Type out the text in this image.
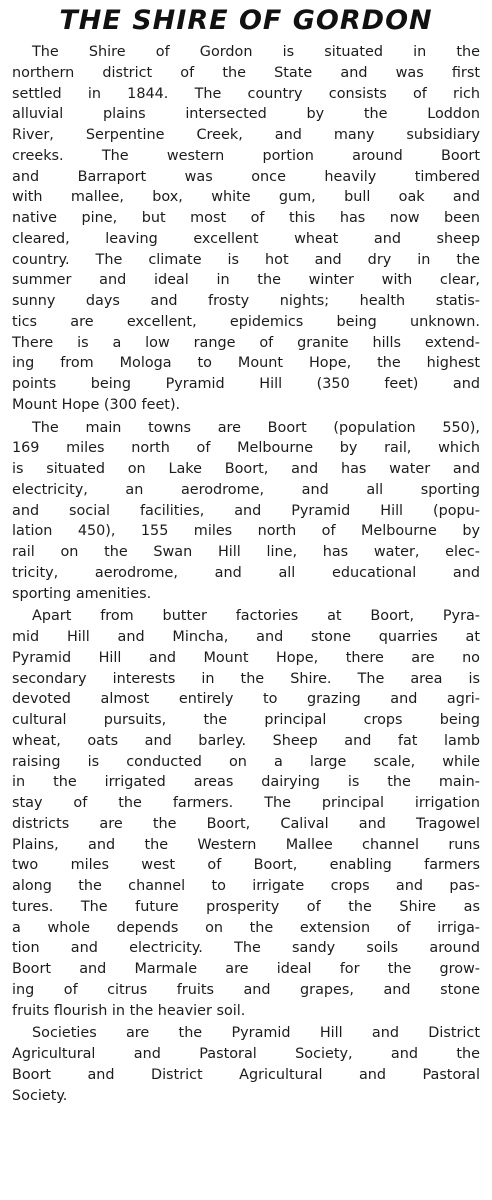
THE SHIRE OF GORDON
The Shire of Gordon is situated in the
northern district of the State and was first
settled in 1844. The country consists of rich
alluvial plains intersected by the Loddon
River, Serpentine Creek, and many subsidiary
creeks. The western portion around Boort
and Barraport was once heavily timbered
with mallee, box, white gum, bull oak and
native pine, but most of this has now been
cleared, leaving excellent wheat and sheep
country. The climate is hot and dry in the
summer and ideal in the winter with clear,
sunny days and frosty nights; health statis-
tics are excellent, epidemics being unknown.
There is a low range of granite hills extend-
ing from Mologa to Mount Hope, the highest
points being Pyramid Hill (350 feet) and
Mount Hope (300 feet).
The main towns are Boort (population 550),
169 miles north of Melbourne by rail, which
is situated on Lake Boort, and has water and
electricity, an aerodrome, and all sporting
and social facilities, and Pyramid Hill (popu-
lation 450), 155 miles north of Melbourne by
rail on the Swan Hill line, has water, elec-
tricity, aerodrome, and all educational and
sporting amenities.
Apart from butter factories at Boort, Pyra-
mid Hill and Mincha, and stone quarries at
Pyramid Hill and Mount Hope, there are no
secondary interests in the Shire. The area is
devoted almost entirely to grazing and agri-
cultural pursuits, the principal crops being
wheat, oats and barley. Sheep and fat lamb
raising is conducted on a large scale, while
in the irrigated areas dairying is the main-
stay of the farmers. The principal irrigation
districts are the Boort, Calival and Tragowel
Plains, and the Western Mallee channel runs
two miles west of Boort, enabling farmers
along the channel to irrigate crops and pas-
tures. The future prosperity of the Shire as
a whole depends on the extension of irriga-
tion and electricity. The sandy soils around
Boort and Marmale are ideal for the grow-
ing of citrus fruits and grapes, and stone
fruits flourish in the heavier soil.
Societies are the Pyramid Hill and District
Agricultural and Pastoral Society, and the
Boort and District Agricultural and Pastoral
Society.
